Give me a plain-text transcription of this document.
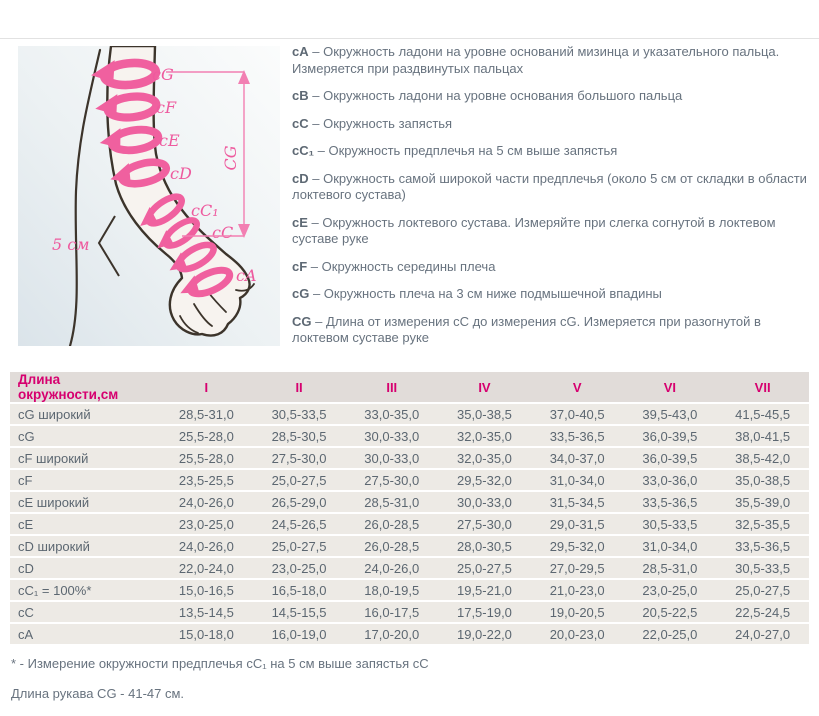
cG
cF
cE
cD
cC₁
cC
cA
CG
5 см
cA – Окружность ладони на уровне оснований мизинца и указательного пальца. Измеряется при раздвинутых пальцах
cB – Окружность ладони на уровне основания большого пальца
cC – Окружность запястья
cC₁ – Окружность предплечья на 5 см выше запястья
cD – Окружность самой широкой части предплечья (около 5 см от складки в области локтевого сустава)
cE – Окружность локтевого сустава. Измеряйте при слегка согнутой в локтевом суставе руке
cF – Окружность середины плеча
cG – Окружность плеча на 3 см ниже подмышечной впадины
CG – Длина от измерения cC до измерения cG. Измеряется при разогнутой в локтевом суставе руке
Длина окружности,см	I	II	III	IV	V	VI	VII
cG широкий	28,5-31,0	30,5-33,5	33,0-35,0	35,0-38,5	37,0-40,5	39,5-43,0	41,5-45,5
cG	25,5-28,0	28,5-30,5	30,0-33,0	32,0-35,0	33,5-36,5	36,0-39,5	38,0-41,5
cF широкий	25,5-28,0	27,5-30,0	30,0-33,0	32,0-35,0	34,0-37,0	36,0-39,5	38,5-42,0
cF	23,5-25,5	25,0-27,5	27,5-30,0	29,5-32,0	31,0-34,0	33,0-36,0	35,0-38,5
cE широкий	24,0-26,0	26,5-29,0	28,5-31,0	30,0-33,0	31,5-34,5	33,5-36,5	35,5-39,0
cE	23,0-25,0	24,5-26,5	26,0-28,5	27,5-30,0	29,0-31,5	30,5-33,5	32,5-35,5
cD широкий	24,0-26,0	25,0-27,5	26,0-28,5	28,0-30,5	29,5-32,0	31,0-34,0	33,5-36,5
cD	22,0-24,0	23,0-25,0	24,0-26,0	25,0-27,5	27,0-29,5	28,5-31,0	30,5-33,5
cC₁ = 100%*	15,0-16,5	16,5-18,0	18,0-19,5	19,5-21,0	21,0-23,0	23,0-25,0	25,0-27,5
cC	13,5-14,5	14,5-15,5	16,0-17,5	17,5-19,0	19,0-20,5	20,5-22,5	22,5-24,5
cA	15,0-18,0	16,0-19,0	17,0-20,0	19,0-22,0	20,0-23,0	22,0-25,0	24,0-27,0

* - Измерение окружности предплечья cC₁ на 5 см выше запястья cC

Длина рукава CG - 41-47 см.
